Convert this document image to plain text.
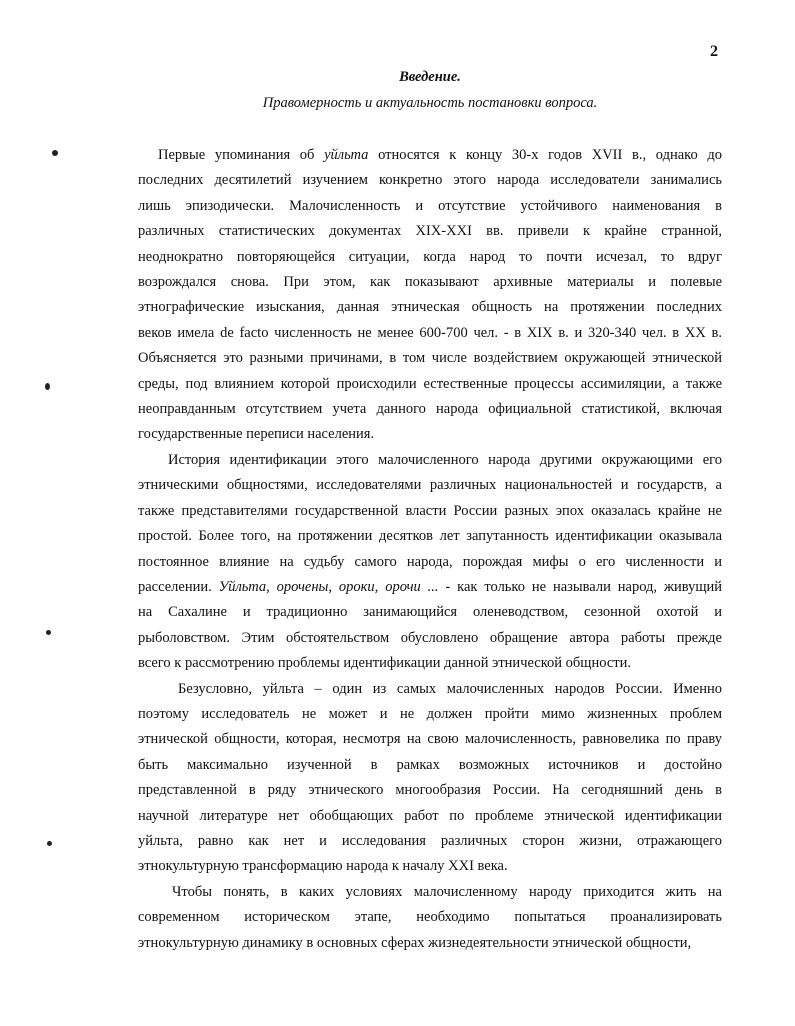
2
Введение.
Правомерность и актуальность постановки вопроса.
Первые упоминания об уйльта относятся к концу 30-х годов XVII в., однако до
последних десятилетий изучением конкретно этого народа исследователи занимались
лишь эпизодически. Малочисленность и отсутствие устойчивого наименования в
различных статистических документах XIX-XXI вв. привели к крайне странной,
неоднократно повторяющейся ситуации, когда народ то почти исчезал, то вдруг
возрождался снова. При этом, как показывают архивные материалы и полевые
этнографические изыскания, данная этническая общность на протяжении последних
веков имела de facto численность не менее 600-700 чел. - в XIX в. и 320-340 чел. в XX в.
Объясняется это разными причинами, в том числе воздействием окружающей этнической
среды, под влиянием которой происходили естественные процессы ассимиляции, а также
неоправданным отсутствием учета данного народа официальной статистикой, включая
государственные переписи населения.
История идентификации этого малочисленного народа другими окружающими его
этническими общностями, исследователями различных национальностей и государств, а
также представителями государственной власти России разных эпох оказалась крайне не
простой. Более того, на протяжении десятков лет запутанность идентификации оказывала
постоянное влияние на судьбу самого народа, порождая мифы о его численности и
расселении. Уйльта, орочены, ороки, орочи ... - как только не называли народ, живущий
на Сахалине и традиционно занимающийся оленеводством, сезонной охотой и
рыболовством. Этим обстоятельством обусловлено обращение автора работы прежде
всего к рассмотрению проблемы идентификации данной этнической общности.
Безусловно, уйльта – один из самых малочисленных народов России. Именно
поэтому исследователь не может и не должен пройти мимо жизненных проблем
этнической общности, которая, несмотря на свою малочисленность, равновелика по праву
быть максимально изученной в рамках возможных источников и достойно
представленной в ряду этнического многообразия России. На сегодняшний день в
научной литературе нет обобщающих работ по проблеме этнической идентификации
уйльта, равно как нет и исследования различных сторон жизни, отражающего
этнокультурную трансформацию народа к началу XXI века.
Чтобы понять, в каких условиях малочисленному народу приходится жить на
современном историческом этапе, необходимо попытаться проанализировать
этнокультурную динамику в основных сферах жизнедеятельности этнической общности,
